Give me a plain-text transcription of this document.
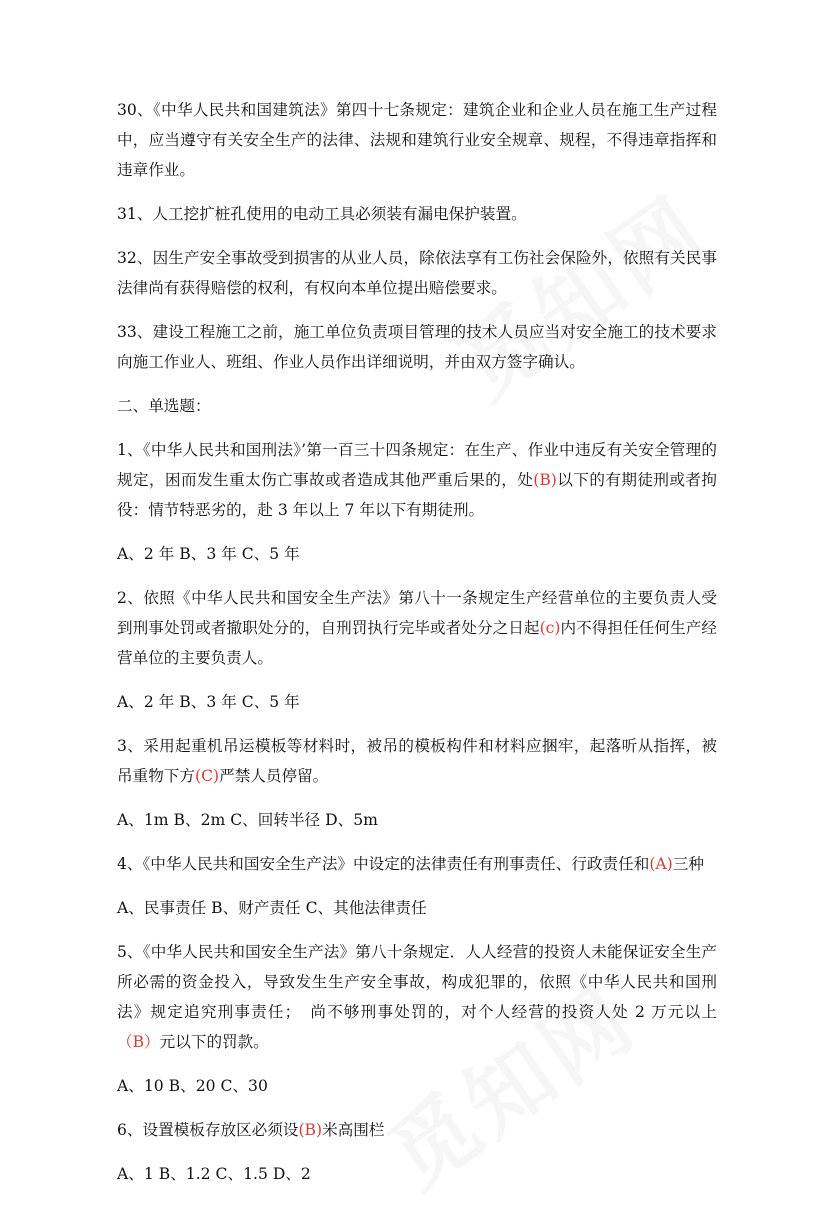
30、《中华人民共和国建筑法》第四十七条规定：建筑企业和企业人员在施工生产过程中，应当遵守有关安全生产的法律、法规和建筑行业安全规章、规程，不得违章指挥和违章作业。

31、人工挖扩桩孔使用的电动工具必须装有漏电保护装置。

32、因生产安全事故受到损害的从业人员，除依法享有工伤社会保险外，依照有关民事法律尚有获得赔偿的权利，有权向本单位提出赔偿要求。

33、建设工程施工之前，施工单位负责项目管理的技术人员应当对安全施工的技术要求向施工作业人、班组、作业人员作出详细说明，并由双方签字确认。

二、单选题：

1、《中华人民共和国刑法》’第一百三十四条规定：在生产、作业中违反有关安全管理的规定，困而发生重太伤亡事故或者造成其他严重后果的，处(B)以下的有期徒刑或者拘役：情节特恶劣的，赴 3 年以上 7 年以下有期徒刑。

A、2 年 B、3 年 C、5 年

2、依照《中华人民共和国安全生产法》第八十一条规定生产经营单位的主要负责人受到刑事处罚或者撤职处分的，自刑罚执行完毕或者处分之日起(c)内不得担任任何生产经营单位的主要负责人。

A、2 年 B、3 年 C、5 年

3、采用起重机吊运模板等材料时，被吊的模板构件和材料应捆牢，起落听从指挥，被吊重物下方(C)严禁人员停留。

A、1m B、2m C、回转半径 D、5m

4、《中华人民共和国安全生产法》中设定的法律责任有刑事责任、行政责任和(A)三种

A、民事责任 B、财产责任 C、其他法律责任

5、《中华人民共和国安全生产法》第八十条规定．人人经营的投资人未能保证安全生产所必需的资金投入，导致发生生产安全事故，构成犯罪的，依照《中华人民共和国刑法》规定追究刑事责任；　尚不够刑事处罚的，对个人经营的投资人处 2 万元以上（B）元以下的罚款。

A、10 B、20 C、30

6、设置模板存放区必须设(B)米高围栏

A、1 B、1.2 C、1.5 D、2
